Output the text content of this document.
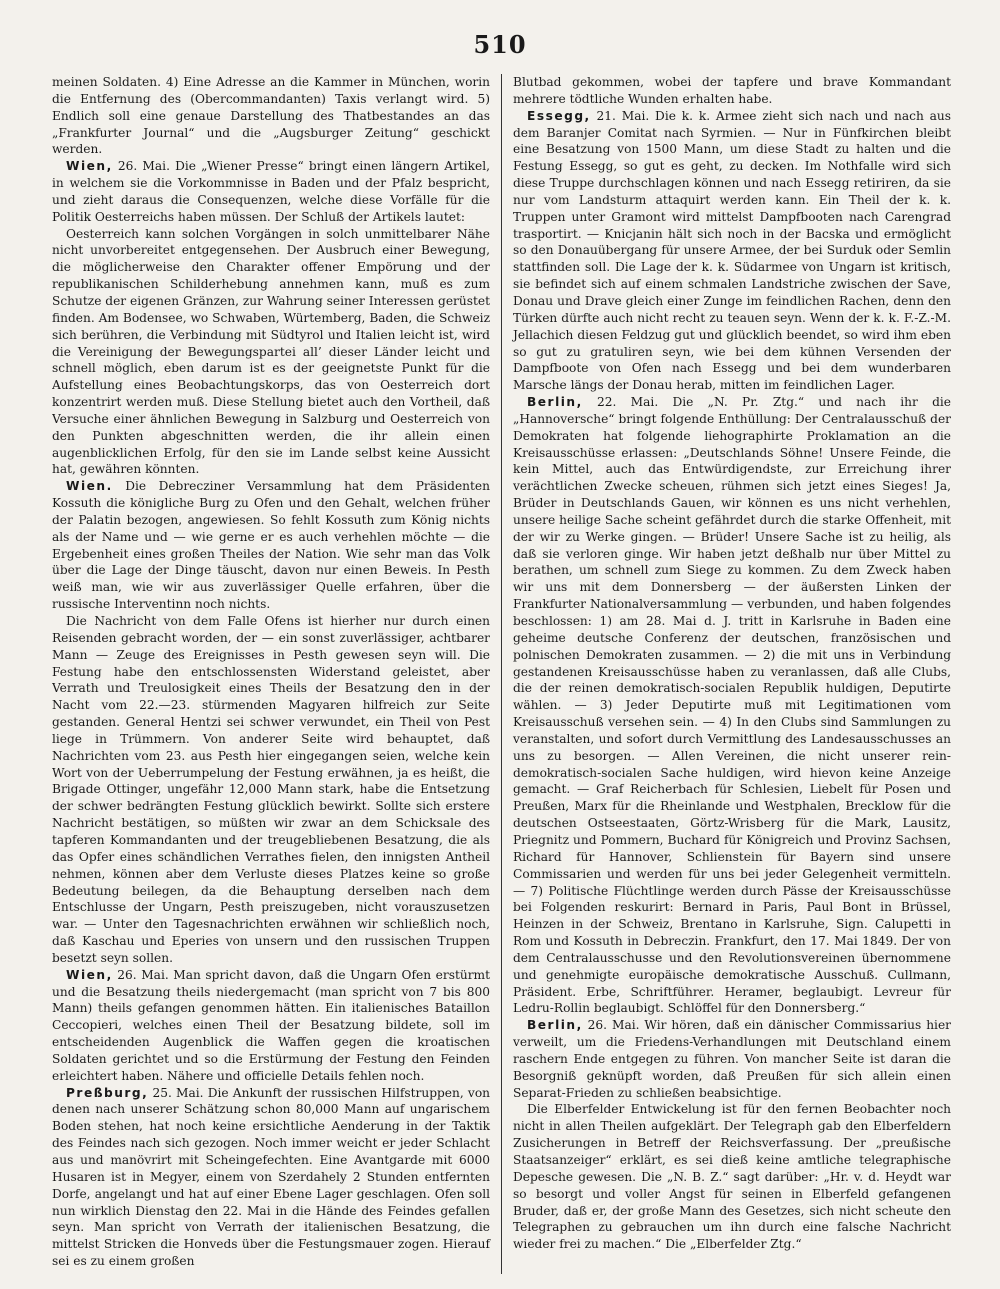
510

meinen Soldaten. 4) Eine Adresse an die Kammer in München, worin die Entfernung des (Obercommandanten) Taxis verlangt wird. 5) Endlich soll eine genaue Darstellung des Thatbestandes an das „Frankfurter Journal“ und die „Augsburger Zeitung“ geschickt werden.

Wien, 26. Mai. Die „Wiener Presse“ bringt einen längern Artikel, in welchem sie die Vorkommnisse in Baden und der Pfalz bespricht, und zieht daraus die Consequenzen, welche diese Vorfälle für die Politik Oesterreichs haben müssen. Der Schluß der Artikels lautet:

Oesterreich kann solchen Vorgängen in solch unmittelbarer Nähe nicht unvorbereitet entgegensehen. Der Ausbruch einer Bewegung, die möglicherweise den Charakter offener Empörung und der republikanischen Schilderhebung annehmen kann, muß es zum Schutze der eigenen Gränzen, zur Wahrung seiner Interessen gerüstet finden. Am Bodensee, wo Schwaben, Würtemberg, Baden, die Schweiz sich berühren, die Verbindung mit Südtyrol und Italien leicht ist, wird die Vereinigung der Bewegungspartei all’ dieser Länder leicht und schnell möglich, eben darum ist es der geeignetste Punkt für die Aufstellung eines Beobachtungskorps, das von Oesterreich dort konzentrirt werden muß. Diese Stellung bietet auch den Vortheil, daß Versuche einer ähnlichen Bewegung in Salzburg und Oesterreich von den Punkten abgeschnitten werden, die ihr allein einen augenblicklichen Erfolg, für den sie im Lande selbst keine Aussicht hat, gewähren könnten.

Wien. Die Debrecziner Versammlung hat dem Präsidenten Kossuth die königliche Burg zu Ofen und den Gehalt, welchen früher der Palatin bezogen, angewiesen. So fehlt Kossuth zum König nichts als der Name und — wie gerne er es auch verhehlen möchte — die Ergebenheit eines großen Theiles der Nation. Wie sehr man das Volk über die Lage der Dinge täuscht, davon nur einen Beweis. In Pesth weiß man, wie wir aus zuverlässiger Quelle erfahren, über die russische Interventinn noch nichts.

Die Nachricht von dem Falle Ofens ist hierher nur durch einen Reisenden gebracht worden, der — ein sonst zuverlässiger, achtbarer Mann — Zeuge des Ereignisses in Pesth gewesen seyn will. Die Festung habe den entschlossensten Widerstand geleistet, aber Verrath und Treulosigkeit eines Theils der Besatzung den in der Nacht vom 22.—23. stürmenden Magyaren hilfreich zur Seite gestanden. General Hentzi sei schwer verwundet, ein Theil von Pest liege in Trümmern. Von anderer Seite wird behauptet, daß Nachrichten vom 23. aus Pesth hier eingegangen seien, welche kein Wort von der Ueberrumpelung der Festung erwähnen, ja es heißt, die Brigade Ottinger, ungefähr 12,000 Mann stark, habe die Entsetzung der schwer bedrängten Festung glücklich bewirkt. Sollte sich erstere Nachricht bestätigen, so müßten wir zwar an dem Schicksale des tapferen Kommandanten und der treugebliebenen Besatzung, die als das Opfer eines schändlichen Verrathes fielen, den innigsten Antheil nehmen, können aber dem Verluste dieses Platzes keine so große Bedeutung beilegen, da die Behauptung derselben nach dem Entschlusse der Ungarn, Pesth preiszugeben, nicht vorauszusetzen war. — Unter den Tagesnachrichten erwähnen wir schließlich noch, daß Kaschau und Eperies von unsern und den russischen Truppen besetzt seyn sollen.

Wien, 26. Mai. Man spricht davon, daß die Ungarn Ofen erstürmt und die Besatzung theils niedergemacht (man spricht von 7 bis 800 Mann) theils gefangen genommen hätten. Ein italienisches Bataillon Ceccopieri, welches einen Theil der Besatzung bildete, soll im entscheidenden Augenblick die Waffen gegen die kroatischen Soldaten gerichtet und so die Erstürmung der Festung den Feinden erleichtert haben. Nähere und officielle Details fehlen noch.

Preßburg, 25. Mai. Die Ankunft der russischen Hilfstruppen, von denen nach unserer Schätzung schon 80,000 Mann auf ungarischem Boden stehen, hat noch keine ersichtliche Aenderung in der Taktik des Feindes nach sich gezogen. Noch immer weicht er jeder Schlacht aus und manövrirt mit Scheingefechten. Eine Avantgarde mit 6000 Husaren ist in Megyer, einem von Szerdahely 2 Stunden entfernten Dorfe, angelangt und hat auf einer Ebene Lager geschlagen. Ofen soll nun wirklich Dienstag den 22. Mai in die Hände des Feindes gefallen seyn. Man spricht von Verrath der italienischen Besatzung, die mittelst Stricken die Honveds über die Festungsmauer zogen. Hierauf sei es zu einem großen

Blutbad gekommen, wobei der tapfere und brave Kommandant mehrere tödtliche Wunden erhalten habe.

Essegg, 21. Mai. Die k. k. Armee zieht sich nach und nach aus dem Baranjer Comitat nach Syrmien. — Nur in Fünfkirchen bleibt eine Besatzung von 1500 Mann, um diese Stadt zu halten und die Festung Essegg, so gut es geht, zu decken. Im Nothfalle wird sich diese Truppe durchschlagen können und nach Essegg retiriren, da sie nur vom Landsturm attaquirt werden kann. Ein Theil der k. k. Truppen unter Gramont wird mittelst Dampfbooten nach Carengrad trasportirt. — Knicjanin hält sich noch in der Bacska und ermöglicht so den Donauübergang für unsere Armee, der bei Surduk oder Semlin stattfinden soll. Die Lage der k. k. Südarmee von Ungarn ist kritisch, sie befindet sich auf einem schmalen Landstriche zwischen der Save, Donau und Drave gleich einer Zunge im feindlichen Rachen, denn den Türken dürfte auch nicht recht zu teauen seyn. Wenn der k. k. F.-Z.-M. Jellachich diesen Feldzug gut und glücklich beendet, so wird ihm eben so gut zu gratuliren seyn, wie bei dem kühnen Versenden der Dampfboote von Ofen nach Essegg und bei dem wunderbaren Marsche längs der Donau herab, mitten im feindlichen Lager.

Berlin, 22. Mai. Die „N. Pr. Ztg.“ und nach ihr die „Hannoversche“ bringt folgende Enthüllung: Der Centralausschuß der Demokraten hat folgende liehographirte Proklamation an die Kreisausschüsse erlassen: „Deutschlands Söhne! Unsere Feinde, die kein Mittel, auch das Entwürdigendste, zur Erreichung ihrer verächtlichen Zwecke scheuen, rühmen sich jetzt eines Sieges! Ja, Brüder in Deutschlands Gauen, wir können es uns nicht verhehlen, unsere heilige Sache scheint gefährdet durch die starke Offenheit, mit der wir zu Werke gingen. — Brüder! Unsere Sache ist zu heilig, als daß sie verloren ginge. Wir haben jetzt deßhalb nur über Mittel zu berathen, um schnell zum Siege zu kommen. Zu dem Zweck haben wir uns mit dem Donnersberg — der äußersten Linken der Frankfurter Nationalversammlung — verbunden, und haben folgendes beschlossen: 1) am 28. Mai d. J. tritt in Karlsruhe in Baden eine geheime deutsche Conferenz der deutschen, französischen und polnischen Demokraten zusammen. — 2) die mit uns in Verbindung gestandenen Kreisausschüsse haben zu veranlassen, daß alle Clubs, die der reinen demokratisch-socialen Republik huldigen, Deputirte wählen. — 3) Jeder Deputirte muß mit Legitimationen vom Kreisausschuß versehen sein. — 4) In den Clubs sind Sammlungen zu veranstalten, und sofort durch Vermittlung des Landesausschusses an uns zu besorgen. — Allen Vereinen, die nicht unserer rein-demokratisch-socialen Sache huldigen, wird hievon keine Anzeige gemacht. — Graf Reicherbach für Schlesien, Liebelt für Posen und Preußen, Marx für die Rheinlande und Westphalen, Brecklow für die deutschen Ostseestaaten, Görtz-Wrisberg für die Mark, Lausitz, Priegnitz und Pommern, Buchard für Königreich und Provinz Sachsen, Richard für Hannover, Schlienstein für Bayern sind unsere Commissarien und werden für uns bei jeder Gelegenheit vermitteln. — 7) Politische Flüchtlinge werden durch Pässe der Kreisausschüsse bei Folgenden reskurirt: Bernard in Paris, Paul Bont in Brüssel, Heinzen in der Schweiz, Brentano in Karlsruhe, Sign. Calupetti in Rom und Kossuth in Debreczin. Frankfurt, den 17. Mai 1849. Der von dem Centralausschusse und den Revolutionsvereinen übernommene und genehmigte europäische demokratische Ausschuß. Cullmann, Präsident. Erbe, Schriftführer. Heramer, beglaubigt. Levreur für Ledru-Rollin beglaubigt. Schlöffel für den Donnersberg.“

Berlin, 26. Mai. Wir hören, daß ein dänischer Commissarius hier verweilt, um die Friedens-Verhandlungen mit Deutschland einem raschern Ende entgegen zu führen. Von mancher Seite ist daran die Besorgniß geknüpft worden, daß Preußen für sich allein einen Separat-Frieden zu schließen beabsichtige.

Die Elberfelder Entwickelung ist für den fernen Beobachter noch nicht in allen Theilen aufgeklärt. Der Telegraph gab den Elberfeldern Zusicherungen in Betreff der Reichsverfassung. Der „preußische Staatsanzeiger“ erklärt, es sei dieß keine amtliche telegraphische Depesche gewesen. Die „N. B. Z.“ sagt darüber: „Hr. v. d. Heydt war so besorgt und voller Angst für seinen in Elberfeld gefangenen Bruder, daß er, der große Mann des Gesetzes, sich nicht scheute den Telegraphen zu gebrauchen um ihn durch eine falsche Nachricht wieder frei zu machen.“ Die „Elberfelder Ztg.“
